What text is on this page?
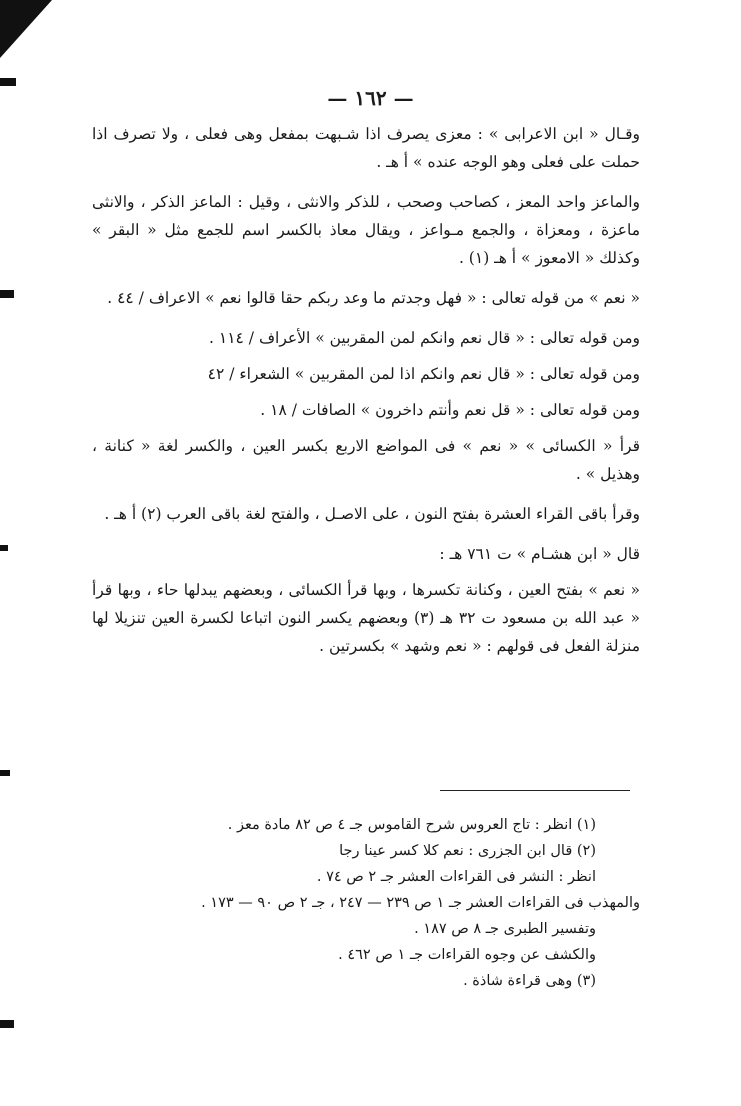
— ١٦٢ —

وقـال « ابن الاعرابى » : معزى يصرف اذا شـبهت بمفعل وهى فعلى ، ولا تصرف اذا حملت على فعلى وهو الوجه عنده » أ هـ .

والماعز واحد المعز ، كصاحب وصحب ، للذكر والانثى ، وقيل : الماعز الذكر ، والانثى ماعزة ، ومعزاة ، والجمع مـواعز ، ويقال معاذ بالكسر اسم للجمع مثل « البقر » وكذلك « الامعوز » أ هـ (١) .

« نعم » من قوله تعالى : « فهل وجدتم ما وعد ربكم حقا قالوا نعم » الاعراف / ٤٤ .

ومن قوله تعالى : « قال نعم وانكم لمن المقربين » الأعراف / ١١٤ .

ومن قوله تعالى : « قال نعم وانكم اذا لمن المقربين » الشعراء / ٤٢

ومن قوله تعالى : « قل نعم وأنتم داخرون » الصافات / ١٨ .

قرأ « الكسائى » « نعم » فى المواضع الاربع بكسر العين ، والكسر لغة « كنانة ، وهذيل » .

وقرأ باقى القراء العشرة بفتح النون ، على الاصـل ، والفتح لغة باقى العرب (٢) أ هـ .

قال « ابن هشـام » ت ٧٦١ هـ :

« نعم » بفتح العين ، وكنانة تكسرها ، وبها قرأ الكسائى ، وبعضهم يبدلها حاء ، وبها قرأ « عبد الله بن مسعود ت ٣٢ هـ (٣) وبعضهم يكسر النون اتباعا لكسرة العين تنزيلا لها منزلة الفعل فى قولهم : « نعم وشهد » بكسرتين .

(١) انظر : تاج العروس شرح القاموس جـ ٤ ص ٨٢ مادة معز .

(٢) قال ابن الجزرى : نعم كلا كسر عينا رجا

انظر : النشر فى القراءات العشر جـ ٢ ص ٧٤ .

والمهذب فى القراءات العشر جـ ١ ص ٢٣٩ — ٢٤٧ ، جـ ٢ ص ٩٠ — ١٧٣ .

وتفسير الطبرى جـ ٨ ص ١٨٧ .

والكشف عن وجوه القراءات جـ ١ ص ٤٦٢ .

(٣) وهى قراءة شاذة .
